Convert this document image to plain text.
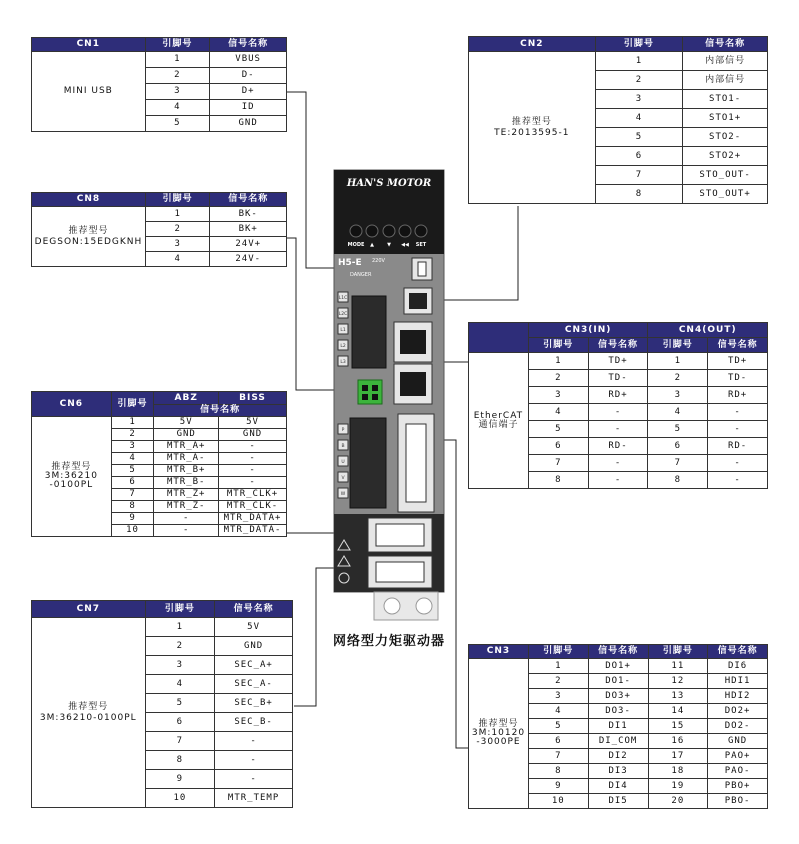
HAN'S MOTOR
MODE ▲	▼ ◀◀ SET
H5-E 220V
DANGER
L1C
L2C
L1
L2
L3
P
B
U
V
W
网络型力矩驱动器
CN1	引脚号	信号名称
MINI USB	1	VBUS
	2	D-
	3	D+
	4	ID
	5	GND
CN8	引脚号	信号名称

推荐型号
DEGSON:15EDGKNH	1	BK-
	2	BK+
	3	24V+
	4	24V-
CN6	引脚号	ABZ	BISS
		信号名称	

推荐型号
3M:36210
-0100PL	1	5V	5V
	2	GND	GND
	3	MTR_A+	-
	4	MTR_A-	-
	5	MTR_B+	-
	6	MTR_B-	-
	7	MTR_Z+	MTR_CLK+
	8	MTR_Z-	MTR_CLK-
	9	-	MTR_DATA+
	10	-	MTR_DATA-
CN7	引脚号	信号名称

推荐型号
3M:36210-0100PL	1	5V
	2	GND
	3	SEC_A+
	4	SEC_A-
	5	SEC_B+
	6	SEC_B-
	7	-
	8	-
	9	-
	10	MTR_TEMP
CN2	引脚号	信号名称

推荐型号
TE:2013595-1	1	内部信号
	2	内部信号
	3	STO1-
	4	STO1+
	5	STO2-
	6	STO2+
	7	STO_OUT-
	8	STO_OUT+
	CN3(IN)		CN4(OUT)	
	引脚号	信号名称	引脚号	信号名称

EtherCAT
通信端子	1	TD+	1	TD+
	2	TD-	2	TD-
	3	RD+	3	RD+
	4	-	4	-
	5	-	5	-
	6	RD-	6	RD-
	7	-	7	-
	8	-	8	-
CN3	引脚号	信号名称	引脚号	信号名称

推荐型号
3M:10120
-3000PE	1	DO1+	11	DI6
	2	DO1-	12	HDI1
	3	DO3+	13	HDI2
	4	DO3-	14	DO2+
	5	DI1	15	DO2-
	6	DI_COM	16	GND
	7	DI2	17	PAO+
	8	DI3	18	PAO-
	9	DI4	19	PBO+
	10	DI5	20	PBO-
